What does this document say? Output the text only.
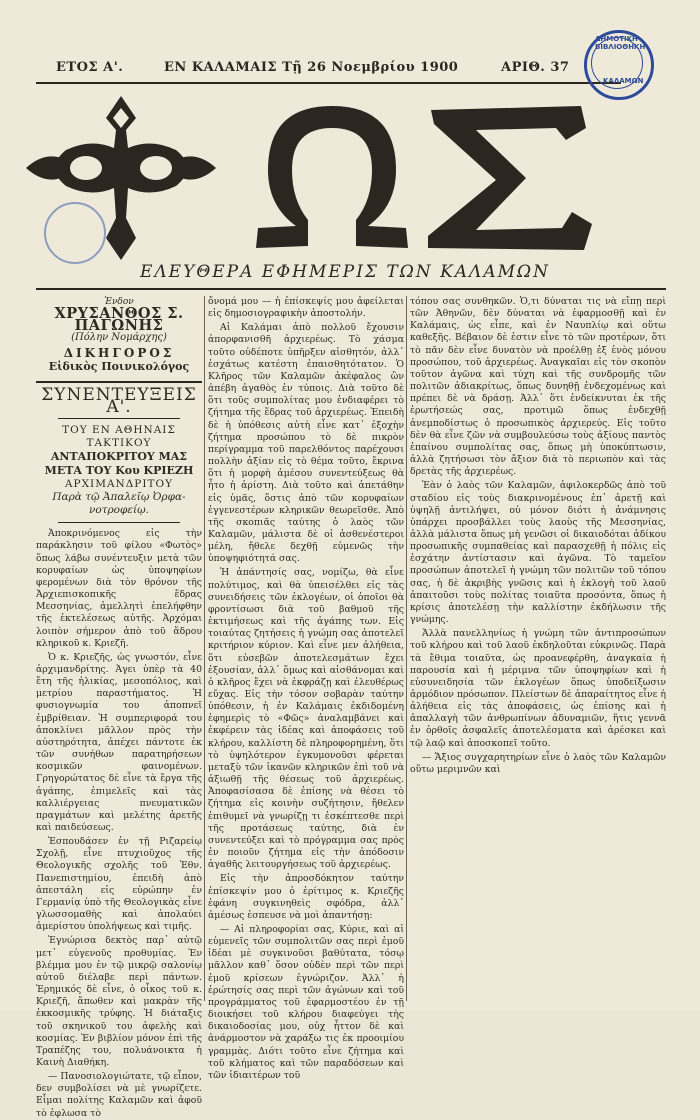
ΕΤΟΣ Α'.	ΕΝ ΚΑΛΑΜΑΙΣ Τῇ 26 Νοεμβρίου 1900	ΑΡΙΘ. 37
ΔΗΜΟΤΙΚΗ ΒΙΒΛΙΟΘΗΚΗ
ΚΑΛΑΜΩΝ
ΕΛΕΥΘΕΡΑ ΕΦΗΜΕΡΙΣ ΤΩΝ ΚΑΛΑΜΩΝ
Ἐνδον
ΧΡΥΣΑΝΘΟΣ Σ. ΠΑΓΩΝΗΣ
(Πόλην Νομάρχης)
ΔΙΚΗΓΟΡΟΣ
Εἰδικὸς Ποινικολόγος
ΣΥΝΕΝΤΕΥΞΕΙΣ Α'.
ΤΟΥ ΕΝ ΑΘΗΝΑΙΣ ΤΑΚΤΙΚΟΥ
ΑΝΤΑΠΟΚΡΙΤΟΥ ΜΑΣ
ΜΕΤΑ ΤΟΥ Κου ΚΡΙΕΖΗ
ΑΡΧΙΜΑΝΔΡΙΤΟΥ
Παρὰ τῷ Ἀπαλεῖῳ Ὀρφα-
νοτροφείῳ.

Ἀποκρινόμενος εἰς τὴν παράκλησιν τοῦ φίλου «Φωτὸς» ὅπως λάβω συνέντευξιν μετὰ τῶν κορυφαίων ὡς ὑποψηφίων φερομένων διὰ τὸν θρόνον τῆς Ἀρχιεπισκοπικῆς ἕδρας Μεσσηνίας, ἀμελλητὶ ἐπελήφθην τῆς ἐκτελέσεως αὐτῆς. Ἀρχόμαι λοιπὸν σήμερον ἀπὸ τοῦ ἄδρου κληρικοῦ κ. Κριεζῆ.

Ὁ κ. Κριεζῆς, ὡς γνωστόν, εἶνε ἀρχιμανδρίτης. Ἀγει ὑπὲρ τὰ 40 ἔτη τῆς ἡλικίας, μεσοπόλιος, καὶ μετρίου παραστήματος. Ἡ φυσιογνωμία του ἀποπνεῖ ἐμβρίθειαν. Ἡ συμπεριφορά του ἀποκλίνει μᾶλλον πρὸς τὴν αὐστηρότητα, ἀπέχει πάντοτε ἐκ τῶν συνήθων παρατηρήσεων κοσμικῶν φαινομένων. Γρηγορώτατος δὲ εἶνε τὰ ἔργα τῆς ἀγάπης, ἐπιμελεῖς καὶ τὰς καλλιέργειας πνευματικῶν πραγμάτων καὶ μελέτης ἀρετῆς καὶ παιδεύσεως.

Ἐσπουδάσεν ἐν τῇ Ριζαρείῳ Σχολῇ, εἶνε πτυχιοῦχος τῆς Θεολογικῆς σχολῆς τοῦ Ἐθν. Πανεπιστημίου, ἐπειδὴ ἀπὸ ἀπεστάλη εἰς εὐρώπην ἐν Γερμανίᾳ ὑπὸ τῆς Θεολογικὰς εἶνε γλωσσομαθὴς καὶ ἀπολαύει ἀμερίστου ὑπολήψεως καὶ τιμῆς.

Ἐγνώρισα δεκτὸς παρ᾿ αὐτῷ μετ᾿ εὐγενοῦς προθυμίας. Ἐν βλέμμα μου ἐν τῷ μικρῷ σαλονίῳ αὐτοῦ διέλαβε περὶ πάντων. Ἐρημικός δὲ εἶνε, ὁ οἶκος τοῦ κ. Κριεζῆ, ἄπωθεν καὶ μακρὰν τῆς ἐκκοσμικῆς τρύφης. Ἡ διάταξις τοῦ σκηνικοῦ του ἀφελὴς καὶ κοσμίας. Ἐν βιβλίον μόνον ἐπὶ τῆς Τραπέζης του, πολυάνοικτα ἡ Καινὴ Διαθήκη.

— Πανοσιολογιώτατε, τῷ εἶπον, δεν συμβολίσει νὰ μὲ γνωρίζετε. Εἶμαι πολίτης Καλαμῶν καὶ ἀφοῦ τὸ ἐφλωσα τὸ

ὄνομά μου — ἡ ἐπίσκεψίς μου ἀφείλεται εἰς δημοσιογραφικὴν ἀποστολήν.

Αἱ Καλάμαι ἀπὸ πολλοῦ ἔχουσιν ἀπορφανισθῆ ἀρχιερέως. Τὸ χάσμα τοῦτο οὐδέποτε ὑπῆρξεν αἰσθητόν, ἀλλ᾿ ἐσχάτως κατέστη ἐπαισθητότατον. Ὁ Κλῆρος τῶν Καλαμῶν ἀκέφαλος ὢν ἀπέβη ἀγαθὸς ἐν τύποις. Διὰ τοῦτο δὲ ὅτι τοῦς συμπολίτας μου ἐνδιαφέρει τὸ ζήτημα τῆς ἕδρας τοῦ ἀρχιερέως. Ἐπειδὴ δὲ ἡ ὑπόθεσις αὐτὴ εἶνε κατ᾿ ἐξοχὴν ζήτημα προσώπου τὸ δὲ πικρὸν περίγραμμα τοῦ παρελθόντος παρέχουσι πολλὴν ἀξίαν εἰς τὸ θέμα τοῦτο, ἔκρινα ὅτι ἡ μορφὴ ἀμέσου συνεντεύξεως θὰ ἦτο ἡ ἀρίστη. Διὰ τοῦτο καὶ ἀπετάθην εἰς ὑμᾶς, ὅστις ἀπὸ τῶν κορυφαίων ἐγγενεστέρων κληρικῶν θεωρεῖσθε. Ἀπὸ τῆς σκοπιᾶς ταύτης ὁ λαὸς τῶν Καλαμῶν, μάλιστα δὲ οἱ ἀσθενέστεροι μέλη, ἤθελε δεχθῇ εὐμενῶς τὴν ὑποψηφιότητά σας.

Ἡ ἀπάντησίς σας, νομίζω, θὰ εἶνε πολύτιμος, καὶ θὰ ὑπεισέλθει εἰς τὰς συνειδήσεις τῶν ἐκλογέων, οἱ ὁποῖοι θὰ φροντίσωσι διὰ τοῦ βαθμοῦ τῆς ἐκτιμήσεως καὶ τῆς ἀγάπης των. Εἰς τοιαύτας ζητήσεις ἡ γνώμη σας ἀποτελεῖ κριτήριον κύριον. Καὶ εἶνε μεν ἀλήθεια, ὅτι εὐσεβῶν ἀποτελεσμάτων ἔχει ἐξουσίαν, ἀλλ᾿ ὅμως καὶ αἰσθάνομαι καὶ ὁ κλῆρος ἔχει νὰ ἐκφράζῃ καὶ ἐλευθέρως εὔχας. Εἰς τὴν τόσον σοβαρὰν ταύτην ὑπόθεσιν, ἡ ἐν Καλάμαις ἐκδιδομένη ἐφημερὶς τὸ «Φῶς» ἀναλαμβάνει καὶ ἐκφέρειν τὰς ἰδέας καὶ ἀποφάσεις τοῦ κλήρου, καλλίστη δὲ πληροφορημένη, ὅτι τὸ ὑψηλότερον ἐγκυμονοῦσι φέρεται μεταξὺ τῶν ἱκανῶν κληρικῶν ἐπὶ τοῦ νὰ ἀξιωθῇ τῆς θέσεως τοῦ ἀρχιερέως. Ἀποφασίσασα δὲ ἐπίσης νὰ θέσει τὸ ζήτημα εἰς κοινὴν συζήτησιν, ἤθελεν ἐπιθυμεῖ νὰ γνωρίζῃ τι ἐσκέπτεσθε περὶ τῆς προτάσεως ταύτης, διὰ ἐν συνεντεύξει καὶ τὸ πρόγραμμα σας πρὸς ἐν ποιοῦν ζήτημα εἰς τὴν ἀπόδοσιν ἀγαθῆς λειτουργήσεως τοῦ ἀρχιερέως.

Εἰς τὴν ἀπροσδόκητον ταύτην ἐπίσκεψίν μου ὁ ἐρίτιμος κ. Κριεζῆς ἐφάνη συγκινηθεὶς σφόδρα, ἀλλ᾿ ἀμέσως ἐσπευσε νὰ μοὶ ἀπαντήσῃ:

— Αἱ πληροφορίαι σας, Κύριε, καὶ αἱ εὐμενεῖς τῶν συμπολιτῶν σας περὶ ἐμοῦ ἰδέαι μὲ συγκινοῦσι βαθύτατα, τόσῳ μᾶλλον καθ᾿ ὅσον οὐδὲν περὶ τῶν περὶ ἐμοῦ κρίσεων ἐγνώριζον. Ἀλλ᾿ ἡ ἐρώτησίς σας περὶ τῶν ἀγώνων καὶ τοῦ προγράμματος τοῦ ἐφαρμοστέου ἐν τῇ διοικήσει τοῦ κλήρου διαφεύγει τὴς δικαιοδοσίας μου, οὐχ ἧττον δὲ καὶ ἀνάρμοστον νὰ χαράξω τις ἐκ προοιμίου γραμμὰς. Διότι τοῦτο εἶνε ζήτημα καὶ τοῦ κλήματος καὶ τῶν παραδόσεων καὶ τῶν ἰδιαιτέρων τοῦ

τόπου σας συνθηκῶν. Ὁ,τι δύναται τις νὰ εἴπῃ περὶ τῶν Ἀθηνῶν, δὲν δύναται νὰ ἐφαρμοσθῇ καὶ ἐν Καλάμαις, ὡς εἶπε, καὶ ἐν Ναυπλίῳ καὶ οὕτω καθεξῆς. Βέβαιον δὲ ἐστιν εἶνε τὸ τῶν προτέρων, ὅτι τὸ πᾶν δὲν εἶνε δυνατὸν νὰ προέλθῃ ἐξ ἑνὸς μόνου προσώπου, τοῦ ἀρχιερέως. Ἀναγκαῖαι εἰς τὸν σκοπὸν τοῦτον ἀγῶνα καὶ τύχη καὶ τῆς συνδρομῆς τῶν πολιτῶν ἀδιακρίτως, ὅπως δυνηθῇ ἐνδεχομένως καὶ πρέπει δὲ νὰ δράσῃ. Ἀλλ᾿ ὅτι ἐνδείκνυται ἐκ τῆς ἐρωτήσεώς σας, προτιμῶ ὅπως ἐνδεχθῇ ἀνεμποδίστως ὁ προσωπικὸς ἀρχιερεύς. Εἰς τοῦτο δὲν θὰ εἶνε ζῶν νὰ συμβουλεύσω τοὺς ἀξίους παντὸς ἐπαίνου συμπολίτας σας, ὅπως μὴ ὑποκύπτωσιν, ἀλλὰ ζητήσωσι τὸν ἄξιον διὰ τὸ περιωπὸν καὶ τὰς δρετὰς τῆς ἀρχιερέως.

Ἐὰν ὁ λαὸς τῶν Καλαμῶν, ἀφιλοκερδῶς ἀπὸ τοῦ σταδίου εἰς τοὺς διακρινομένους ἐπ᾿ ἀρετῇ καὶ ὑψηλῇ ἀντιλήψει, οὐ μόνον διότι ἡ ἀνάμνησις ὑπάρχει προσβάλλει τοὺς λαοὺς τῆς Μεσσηνίας, ἀλλὰ μάλιστα ὅπως μὴ γενῶσι οἱ δικαιοδόται ἀδίκου προσωπικῆς συμπαθείας καὶ παρασχεθῇ ἡ πόλις εἰς ἐσχάτην ἀντίστασιν καὶ ἀγῶνα. Τὸ ταμεῖον προσώπων ἀποτελεῖ ἡ γνώμη τῶν πολιτῶν τοῦ τόπου σας, ἡ δὲ ἀκριβὴς γνῶσις καὶ ἡ ἐκλογὴ τοῦ λαοῦ ἀπαιτοῦσι τοὺς πολίτας τοιαῦτα προσόντα, ὅπως ἡ κρίσις ἀποτελέσῃ τὴν καλλίστην ἐκδήλωσιν τῆς γνώμης.

Ἀλλὰ πανελληνίως ἡ γνώμη τῶν ἀντιπροσώπων τοῦ κλήρου καὶ τοῦ λαοῦ ἐκδηλοῦται εὐκρινῶς. Παρὰ τὰ ἔθιμα τοιαῦτα, ὡς προανεφέρθη, ἀναγκαία ἡ παρουσία καὶ ἡ μέριμνα τῶν ὑποψηφίων καὶ ἡ εὐσυνειδησία τῶν ἐκλογέων ὅπως ὑποδείξωσιν ἀρμόδιον πρόσωπον. Πλείστων δὲ ἀπαραίτητος εἶνε ἡ ἀλήθεια εἰς τὰς ἀποφάσεις, ὡς ἐπίσης καὶ ἡ ἀπαλλαγὴ τῶν ἀνθρωπίνων ἀδυναμιῶν, ἥτις γεννᾶ ἐν ὀρθοῖς ἀσφαλεῖς ἀποτελέσματα καὶ ἀρέσκει καὶ τῷ λαῷ καὶ ἀποσκοπεῖ τοῦτο.

— Ἄξιος συγχαρητηρίων εἶνε ὁ λαὸς τῶν Καλαμῶν οὕτω μεριμνῶν καὶ
